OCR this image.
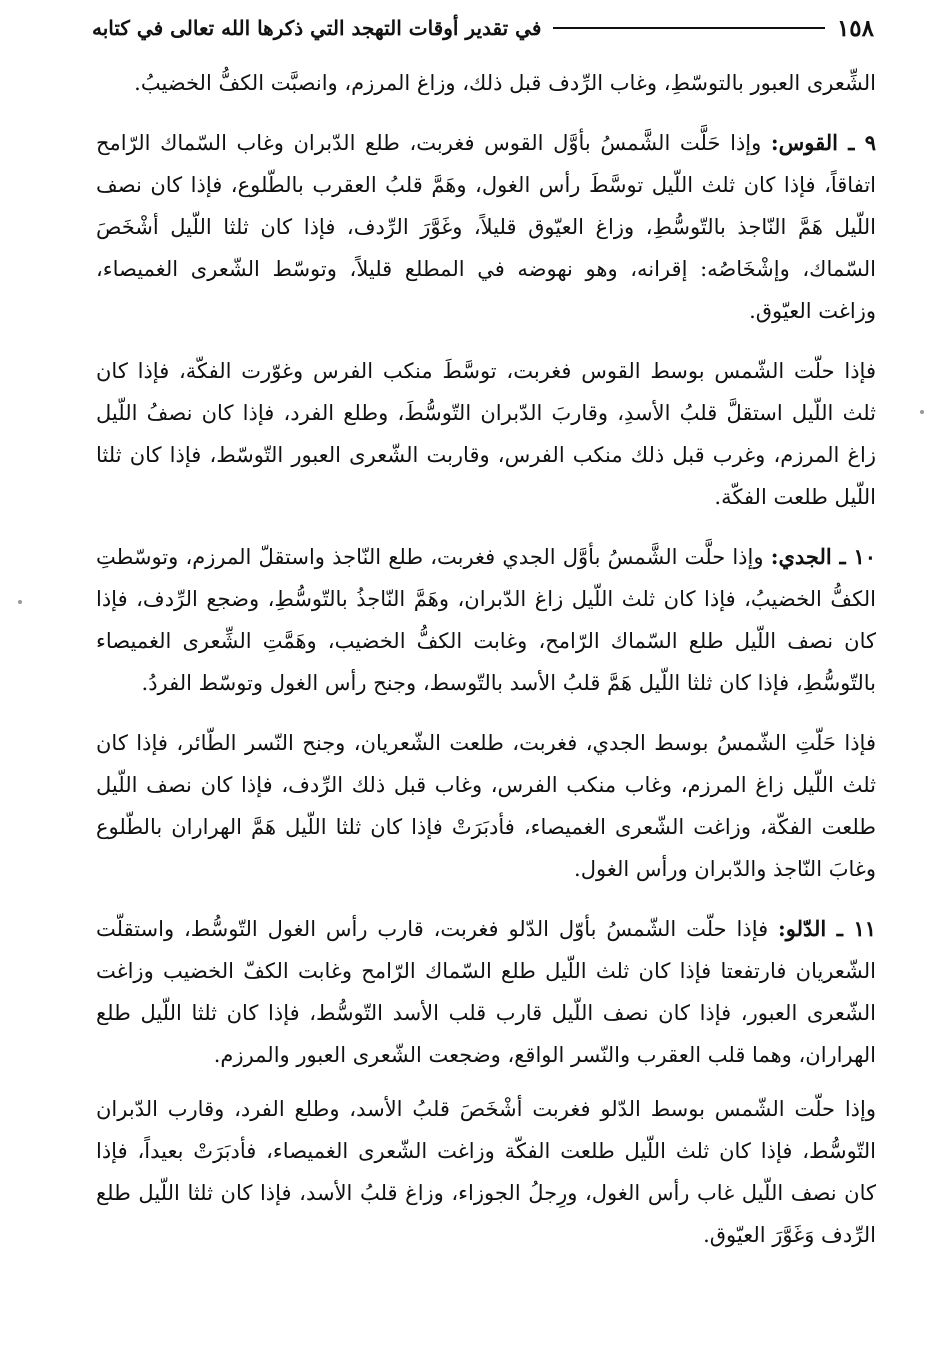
١٥٨
في تقدير أوقات التهجد التي ذكرها الله تعالى في كتابه

الشِّعرى العبور بالتوسّطِ، وغاب الرِّدف قبل ذلك، وزاغ المرزم، وانصبَّت الكفُّ الخضيبُ.

٩ ـ القوس: وإذا حَلَّت الشَّمسُ بأوَّل القوس فغربت، طلع الدّبران وغاب السّماك الرّامح اتفاقاً، فإذا كان ثلث اللّيل توسَّطَ رأس الغول، وهَمَّ قلبُ العقرب بالطّلوع، فإذا كان نصف اللّيل هَمَّ النّاجذ بالتّوسُّطِ، وزاغ العيّوق قليلاً، وغَوَّرَ الرِّدف، فإذا كان ثلثا اللّيل أشْخَصَ السّماك، وإشْخَاصُه: إقرانه، وهو نهوضه في المطلع قليلاً، وتوسّط الشّعرى الغميصاء، وزاغت العيّوق.

فإذا حلّت الشّمس بوسط القوس فغربت، توسَّطَ منكب الفرس وغوّرت الفكّة، فإذا كان ثلث اللّيل استقلَّ قلبُ الأسدِ، وقاربَ الدّبران التّوسُّطَ، وطلع الفرد، فإذا كان نصفُ اللّيل زاغ المرزم، وغرب قبل ذلك منكب الفرس، وقاربت الشّعرى العبور التّوسّط، فإذا كان ثلثا اللّيل طلعت الفكّة.

١٠ ـ الجدي: وإذا حلَّت الشَّمسُ بأوَّل الجدي فغربت، طلع النّاجذ واستقلّ المرزم، وتوسّطتِ الكفُّ الخضيبُ، فإذا كان ثلث اللّيل زاغ الدّبران، وهَمَّ النّاجذُ بالتّوسُّطِ، وضجع الرِّدف، فإذا كان نصف اللّيل طلع السّماك الرّامح، وغابت الكفُّ الخضيب، وهَمَّتِ الشِّعرى الغميصاء بالتّوسُّطِ، فإذا كان ثلثا اللّيل هَمَّ قلبُ الأسد بالتّوسط، وجنح رأس الغول وتوسّط الفردُ.

فإذا حَلّتِ الشّمسُ بوسط الجدي، فغربت، طلعت الشّعريان، وجنح النّسر الطّائر، فإذا كان ثلث اللّيل زاغ المرزم، وغاب منكب الفرس، وغاب قبل ذلك الرِّدف، فإذا كان نصف اللّيل طلعت الفكّة، وزاغت الشّعرى الغميصاء، فأدبَرَتْ فإذا كان ثلثا اللّيل هَمَّ الهراران بالطّلوع وغابَ النّاجذ والدّبران ورأس الغول.

١١ ـ الدّلو: فإذا حلّت الشّمسُ بأوّل الدّلو فغربت، قارب رأس الغول التّوسُّط، واستقلّت الشّعريان فارتفعتا فإذا كان ثلث اللّيل طلع السّماك الرّامح وغابت الكفّ الخضيب وزاغت الشّعرى العبور، فإذا كان نصف اللّيل قارب قلب الأسد التّوسُّط، فإذا كان ثلثا اللّيل طلع الهراران، وهما قلب العقرب والنّسر الواقع، وضجعت الشّعرى العبور والمرزم.

وإذا حلّت الشّمس بوسط الدّلو فغربت أشْخَصَ قلبُ الأسد، وطلع الفرد، وقارب الدّبران التّوسُّط، فإذا كان ثلث اللّيل طلعت الفكّة وزاغت الشّعرى الغميصاء، فأدبَرَتْ بعيداً، فإذا كان نصف اللّيل غاب رأس الغول، ورِجلُ الجوزاء، وزاغ قلبُ الأسد، فإذا كان ثلثا اللّيل طلع الرِّدف وَغَوَّرَ العيّوق.
